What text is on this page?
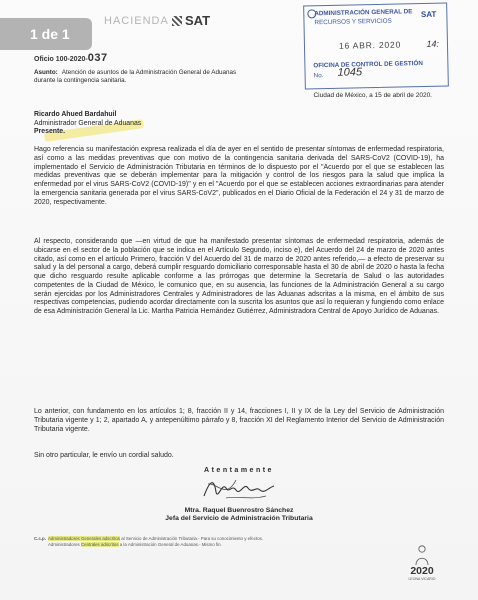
1 de 1
HACIENDA SAT
ADMINISTRACIÓN GENERAL DE
RECURSOS Y SERVICIOS
SAT
16 ABR. 2020	14:
OFICINA DE CONTROL DE GESTIÓN
No. 1045
Oficio 100-2020-037
Asunto: Atención de asuntos de la Administración General de Aduanas durante la contingencia sanitaria.
Ciudad de México, a 15 de abril de 2020.
Ricardo Ahued Bardahuil
Administrador General de Aduanas
Presente.

Hago referencia su manifestación expresa realizada el día de ayer en el sentido de presentar síntomas de enfermedad respiratoria, así como a las medidas preventivas que con motivo de la contingencia sanitaria derivada del SARS-CoV2 (COVID-19), ha implementado el Servicio de Administración Tributaria en términos de lo dispuesto por el "Acuerdo por el que se establecen las medidas preventivas que se deberán implementar para la mitigación y control de los riesgos para la salud que implica la enfermedad por el virus SARS-CoV2 (COVID-19)" y en el "Acuerdo por el que se establecen acciones extraordinarias para atender la emergencia sanitaria generada por el virus SARS-CoV2", publicados en el Diario Oficial de la Federación el 24 y 31 de marzo de 2020, respectivamente.

Al respecto, considerando que —en virtud de que ha manifestado presentar síntomas de enfermedad respiratoria, además de ubicarse en el sector de la población que se indica en el Artículo Segundo, inciso e), del Acuerdo del 24 de marzo de 2020 antes citado, así como en el artículo Primero, fracción V del Acuerdo del 31 de marzo de 2020 antes referido,— a efecto de preservar su salud y la del personal a cargo, deberá cumplir resguardo domiciliario corresponsable hasta el 30 de abril de 2020 o hasta la fecha que dicho resguardo resulte aplicable conforme a las prórrogas que determine la Secretaría de Salud o las autoridades competentes de la Ciudad de México, le comunico que, en su ausencia, las funciones de la Administración General a su cargo serán ejercidas por los Administradores Centrales y Administradores de las Aduanas adscritas a la misma, en el ámbito de sus respectivas competencias, pudiendo acordar directamente con la suscrita los asuntos que así lo requieran y fungiendo como enlace de esa Administración General la Lic. Martha Patricia Hernández Gutiérrez, Administradora Central de Apoyo Jurídico de Aduanas.

Lo anterior, con fundamento en los artículos 1; 8, fracción II y 14, fracciones I, II y IX de la Ley del Servicio de Administración Tributaria vigente y 1; 2, apartado A, y antepenúltimo párrafo y 8, fracción XI del Reglamento Interior del Servicio de Administración Tributaria vigente.

Sin otro particular, le envío un cordial saludo.

Atentamente
Mtra. Raquel Buenrostro Sánchez
Jefa del Servicio de Administración Tributaria
C.c.p. Administradores Generales adscritos al Servicio de Administración Tributaria.- Para su conocimiento y efectos.
Administradores Centrales adscritos a la Administración General de Aduanas.- Mismo fin.
2020
LEONA VICARIO
